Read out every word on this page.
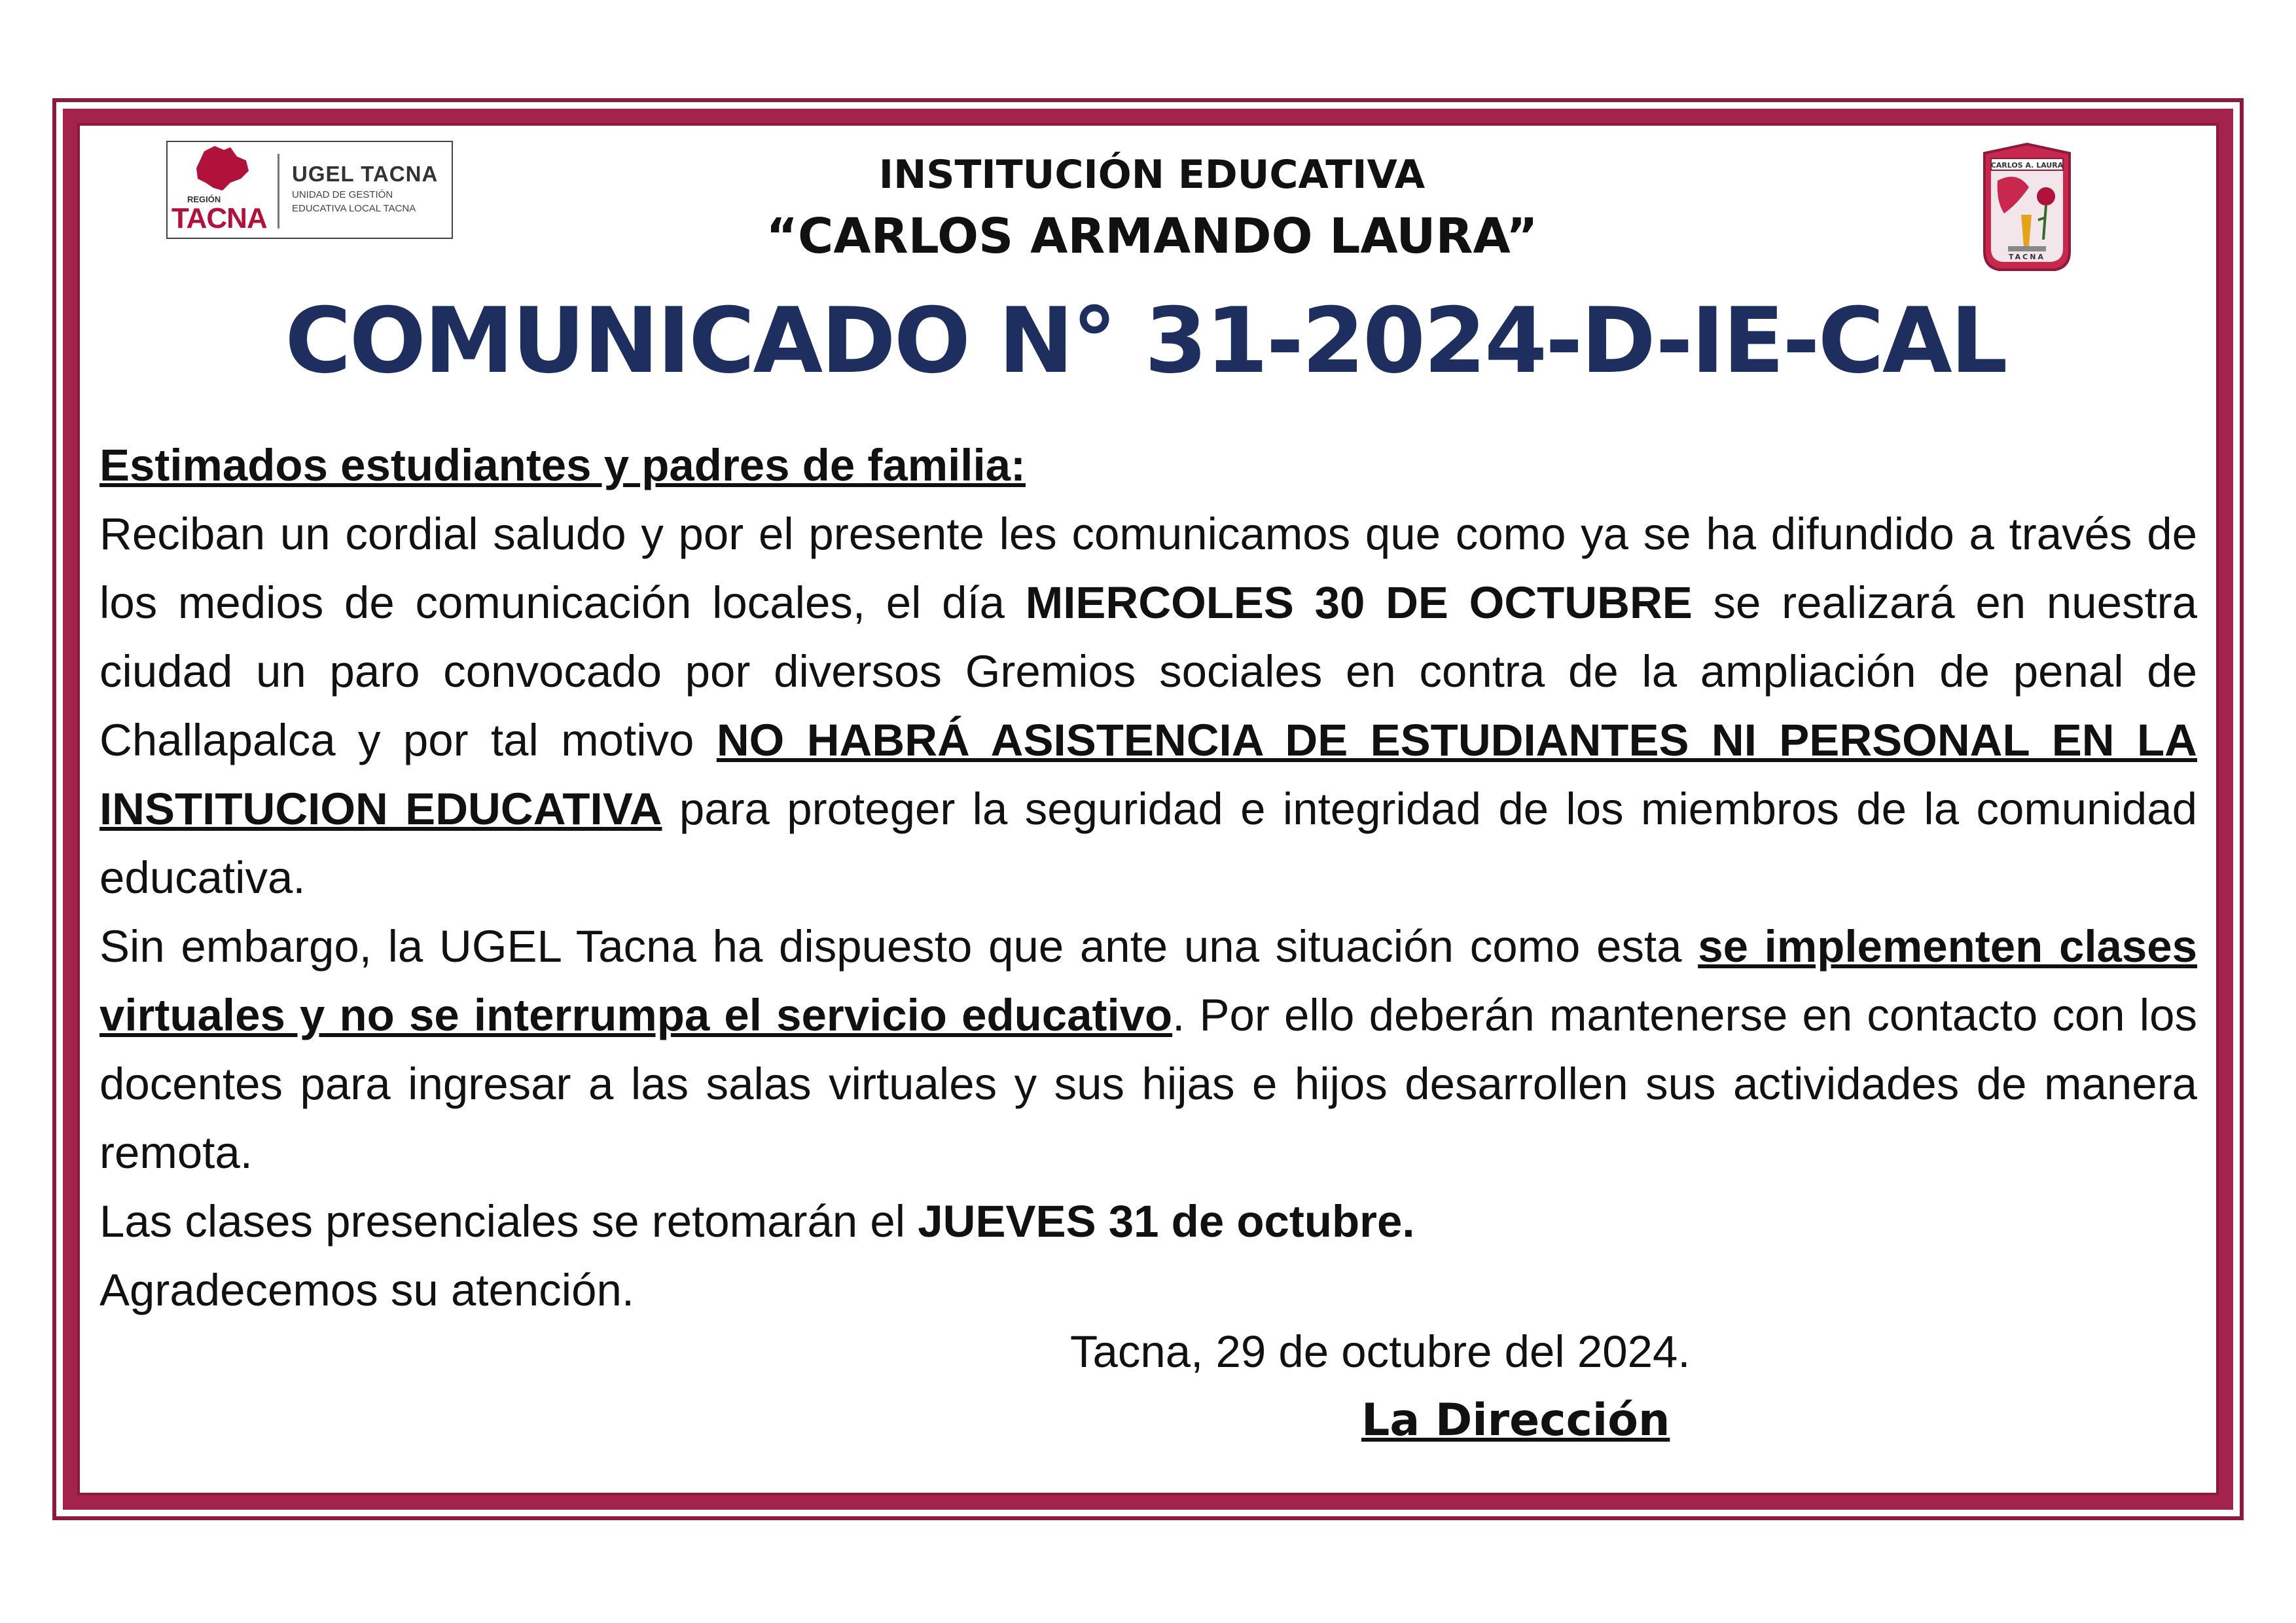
REGIÓN
TACNA
UGEL TACNA
UNIDAD DE GESTIÓN
EDUCATIVA LOCAL TACNA
CARLOS A. LAURA
TACNA
INSTITUCIÓN EDUCATIVA
“CARLOS ARMANDO LAURA”
COMUNICADO N° 31-2024-D-IE-CAL

Estimados estudiantes y padres de familia:

Reciban un cordial saludo y por el presente les comunicamos que como ya se ha difundido a través de los medios de comunicación locales, el día MIERCOLES 30 DE OCTUBRE se realizará en nuestra ciudad un paro convocado por diversos Gremios sociales en contra de la ampliación de penal de Challapalca y por tal motivo NO HABRÁ ASISTENCIA DE ESTUDIANTES NI PERSONAL EN LA INSTITUCION EDUCATIVA para proteger la seguridad e integridad de los miembros de la comunidad educativa.

Sin embargo, la UGEL Tacna ha dispuesto que ante una situación como esta se implementen clases virtuales y no se interrumpa el servicio educativo. Por ello deberán mantenerse en contacto con los docentes para ingresar a las salas virtuales y sus hijas e hijos desarrollen sus actividades de manera remota.

Las clases presenciales se retomarán el JUEVES 31 de octubre.

Agradecemos su atención.

Tacna, 29 de octubre del 2024.
La Dirección
